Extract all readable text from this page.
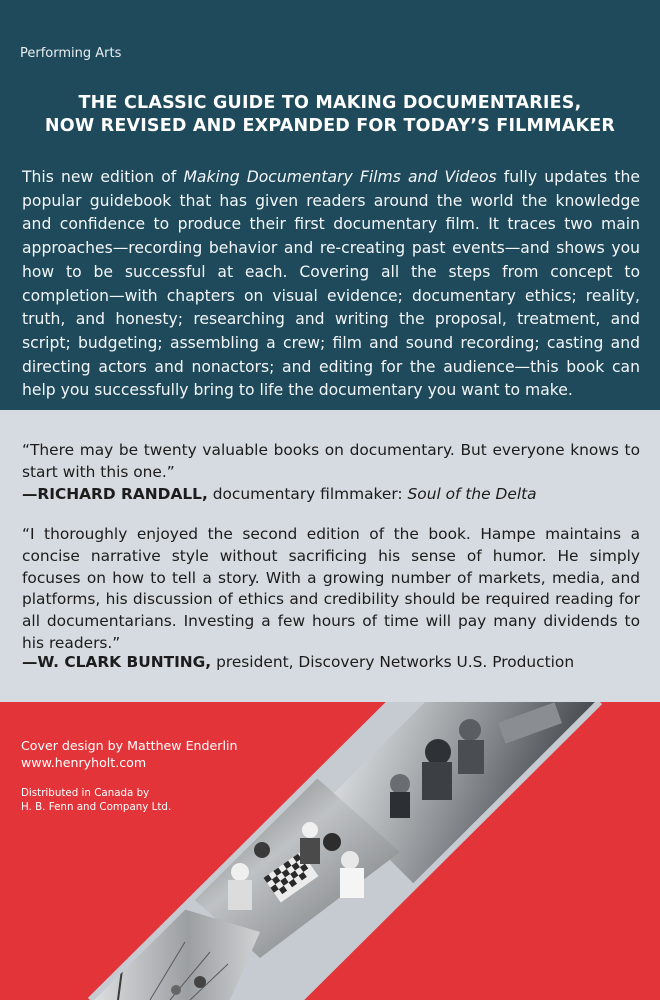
Performing Arts
THE CLASSIC GUIDE TO MAKING DOCUMENTARIES,
NOW REVISED AND EXPANDED FOR TODAY’S FILMMAKER

This new edition of Making Documentary Films and Videos fully updates the popular guidebook that has given readers around the world the knowledge and confidence to produce their first documentary film. It traces two main approaches—recording behavior and re-creating past events—and shows you how to be successful at each. Covering all the steps from concept to completion—with chapters on visual evidence; documentary ethics; reality, truth, and honesty; researching and writing the proposal, treatment, and script; budgeting; assembling a crew; film and sound recording; casting and directing actors and nonactors; and editing for the audience—this book can help you successfully bring to life the documentary you want to make.

“There may be twenty valuable books on documentary. But everyone knows to start with this one.”

—RICHARD RANDALL, documentary filmmaker: Soul of the Delta

“I thoroughly enjoyed the second edition of the book. Hampe maintains a concise narrative style without sacrificing his sense of humor. He simply focuses on how to tell a story. With a growing number of markets, media, and platforms, his discussion of ethics and credibility should be required reading for all documentarians. Investing a few hours of time will pay many dividends to his readers.”

—W. CLARK BUNTING, president, Discovery Networks U.S. Production

Cover design by Matthew Enderlin
www.henryholt.com
Distributed in Canada by
H. B. Fenn and Company Ltd.
